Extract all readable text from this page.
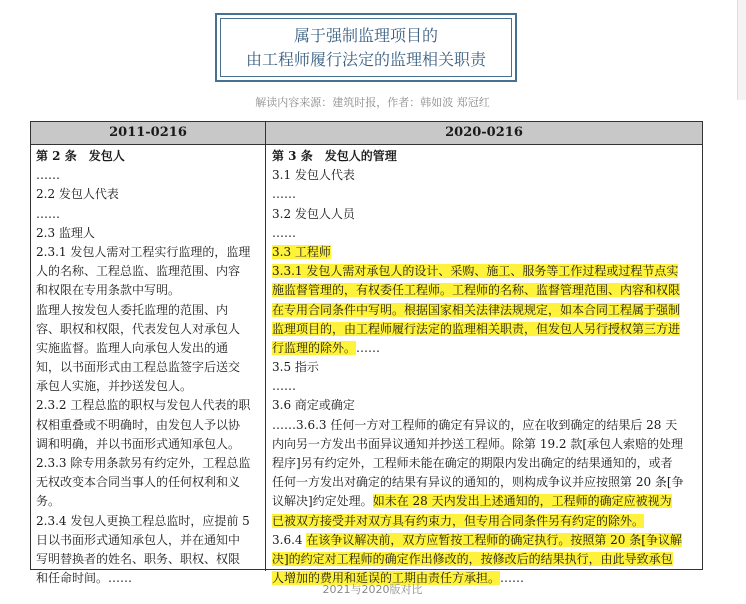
属于强制监理项目的
由工程师履行法定的监理相关职责
解读内容来源：建筑时报，作者：韩如波 郑冠红
2011-0216	2020-0216
第 2 条　发包人
……
2.2 发包人代表
……
2.3 监理人
2.3.1 发包人需对工程实行监理的，监理
人的名称、工程总监、监理范围、内容
和权限在专用条款中写明。
监理人按发包人委托监理的范围、内
容、职权和权限，代表发包人对承包人
实施监督。监理人向承包人发出的通
知，以书面形式由工程总监签字后送交
承包人实施，并抄送发包人。
2.3.2 工程总监的职权与发包人代表的职
权相重叠或不明确时，由发包人予以协
调和明确，并以书面形式通知承包人。
2.3.3 除专用条款另有约定外，工程总监
无权改变本合同当事人的任何权利和义
务。
2.3.4 发包人更换工程总监时，应提前 5
日以书面形式通知承包人，并在通知中
写明替换者的姓名、职务、职权、权限
和任命时间。……
第 3 条　发包人的管理
3.1 发包人代表
……
3.2 发包人人员
……
3.3 工程师
3.3.1 发包人需对承包人的设计、采购、施工、服务等工作过程或过程节点实
施监督管理的，有权委任工程师。工程师的名称、监督管理范围、内容和权限
在专用合同条件中写明。根据国家相关法律法规规定，如本合同工程属于强制
监理项目的，由工程师履行法定的监理相关职责，但发包人另行授权第三方进
行监理的除外。……
3.5 指示
……
3.6 商定或确定
……3.6.3 任何一方对工程师的确定有异议的，应在收到确定的结果后 28 天
内向另一方发出书面异议通知并抄送工程师。除第 19.2 款[承包人索赔的处理
程序]另有约定外，工程师未能在确定的期限内发出确定的结果通知的，或者
任何一方发出对确定的结果有异议的通知的，则构成争议并应按照第 20 条[争
议解决]约定处理。如未在 28 天内发出上述通知的，工程师的确定应被视为
已被双方接受并对双方具有约束力，但专用合同条件另有约定的除外。
3.6.4 在该争议解决前，双方应暂按工程师的确定执行。按照第 20 条[争议解
决]的约定对工程师的确定作出修改的，按修改后的结果执行，由此导致承包
人增加的费用和延误的工期由责任方承担。……
2021与2020版对比
